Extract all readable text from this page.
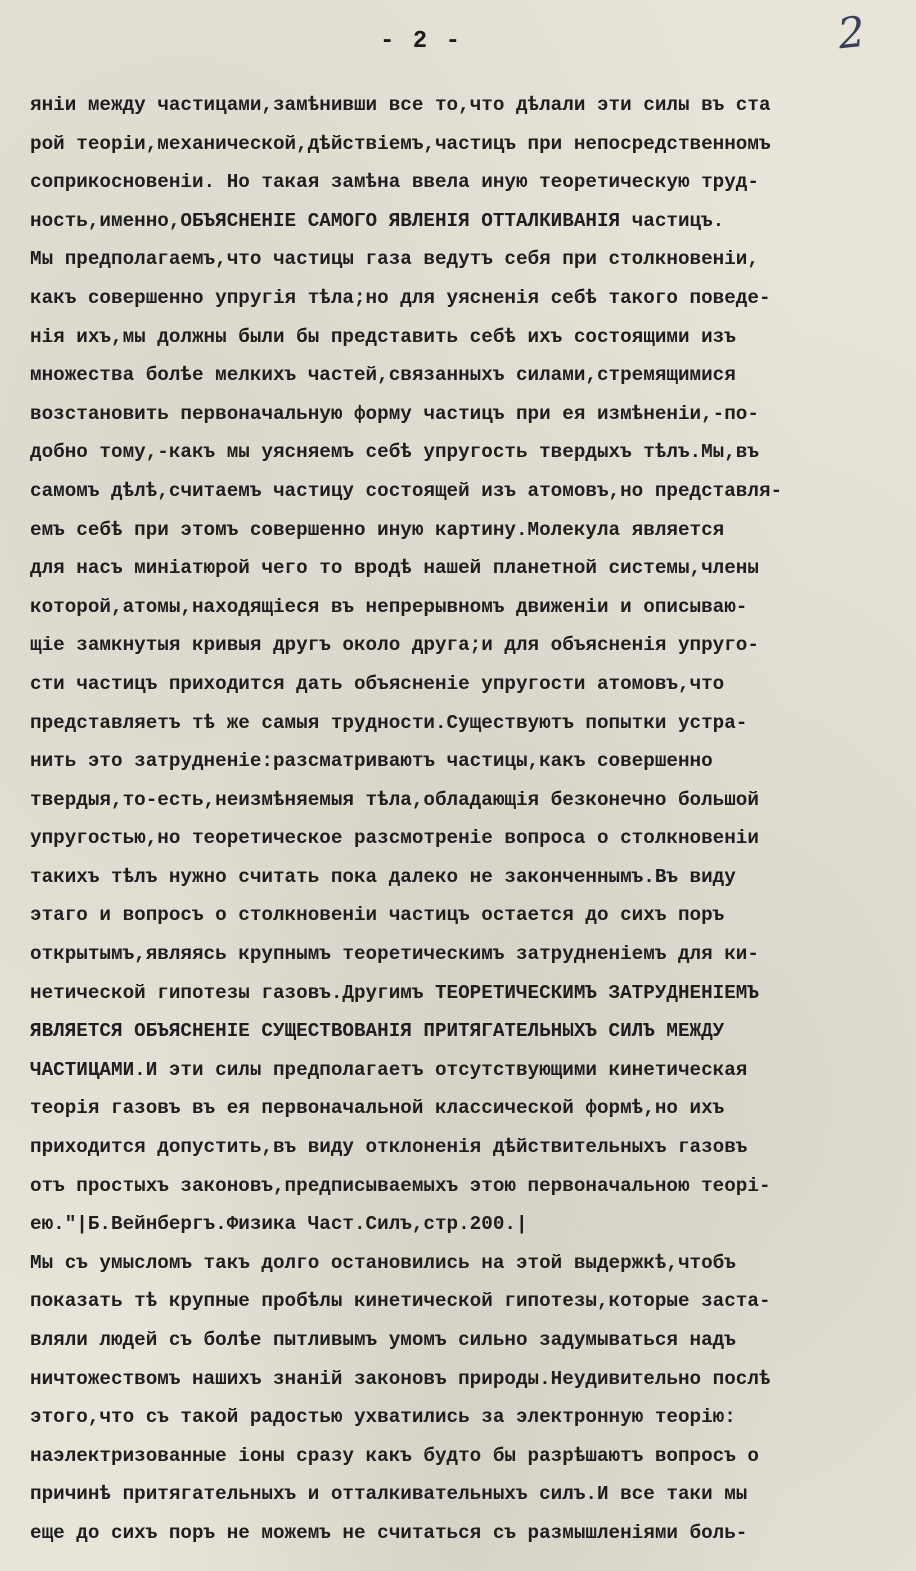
- 2 -	2
яніи между частицами,замѣнивши все то,что дѣлали эти силы въ ста
рой теоріи,механической,дѣйствіемъ,частицъ при непосредственномъ
соприкосновеніи. Но такая замѣна ввела иную теоретическую труд-
ность,именно,ОБЪЯСНЕНІЕ САМОГО ЯВЛЕНІЯ ОТТАЛКИВАНІЯ частицъ.
Мы предполагаемъ,что частицы газа ведутъ себя при столкновеніи,
какъ совершенно упругія тѣла;но для уясненія себѣ такого поведе-
нія ихъ,мы должны были бы представить себѣ ихъ состоящими изъ
множества болѣе мелкихъ частей,связанныхъ силами,стремящимися
возстановить первоначальную форму частицъ при ея измѣненіи,-по-
добно тому,-какъ мы уясняемъ себѣ упругость твердыхъ тѣлъ.Мы,въ
самомъ дѣлѣ,считаемъ частицу состоящей изъ атомовъ,но представля-
емъ себѣ при этомъ совершенно иную картину.Молекула является
для насъ миніатюрой чего то вродѣ нашей планетной системы,члены
которой,атомы,находящіеся въ непрерывномъ движеніи и описываю-
щіе замкнутыя кривыя другъ около друга;и для объясненія упруго-
сти частицъ приходится дать объясненіе упругости атомовъ,что
представляетъ тѣ же самыя трудности.Существуютъ попытки устра-
нить это затрудненіе:разсматриваютъ частицы,какъ совершенно
твердыя,то-есть,неизмѣняемыя тѣла,обладающія безконечно большой
упругостью,но теоретическое разсмотреніе вопроса о столкновеніи
такихъ тѣлъ нужно считать пока далеко не законченнымъ.Въ виду
этаго и вопросъ о столкновеніи частицъ остается до сихъ поръ
открытымъ,являясь крупнымъ теоретическимъ затрудненіемъ для ки-
нетической гипотезы газовъ.Другимъ ТЕОРЕТИЧЕСКИМЪ ЗАТРУДНЕНІЕМЪ
ЯВЛЯЕТСЯ ОБЪЯСНЕНІЕ СУЩЕСТВОВАНІЯ ПРИТЯГАТЕЛЬНЫХЪ СИЛЪ МЕЖДУ
ЧАСТИЦАМИ.И эти силы предполагаетъ отсутствующими кинетическая
теорія газовъ въ ея первоначальной классической формѣ,но ихъ
приходится допустить,въ виду отклоненія дѣйствительныхъ газовъ
отъ простыхъ законовъ,предписываемыхъ этою первоначальною теорі-
ею."|Б.Вейнбергъ.Физика Част.Силъ,стр.200.|
Мы съ умысломъ такъ долго остановились на этой выдержкѣ,чтобъ
показать тѣ крупные пробѣлы кинетической гипотезы,которые заста-
вляли людей съ болѣе пытливымъ умомъ сильно задумываться надъ
ничтожествомъ нашихъ знаній законовъ природы.Неудивительно послѣ
этого,что съ такой радостью ухватились за электронную теорію:
наэлектризованные іоны сразу какъ будто бы разрѣшаютъ вопросъ о
причинѣ притягательныхъ и отталкивательныхъ силъ.И все таки мы
еще до сихъ поръ не можемъ не считаться съ размышленіями боль-
